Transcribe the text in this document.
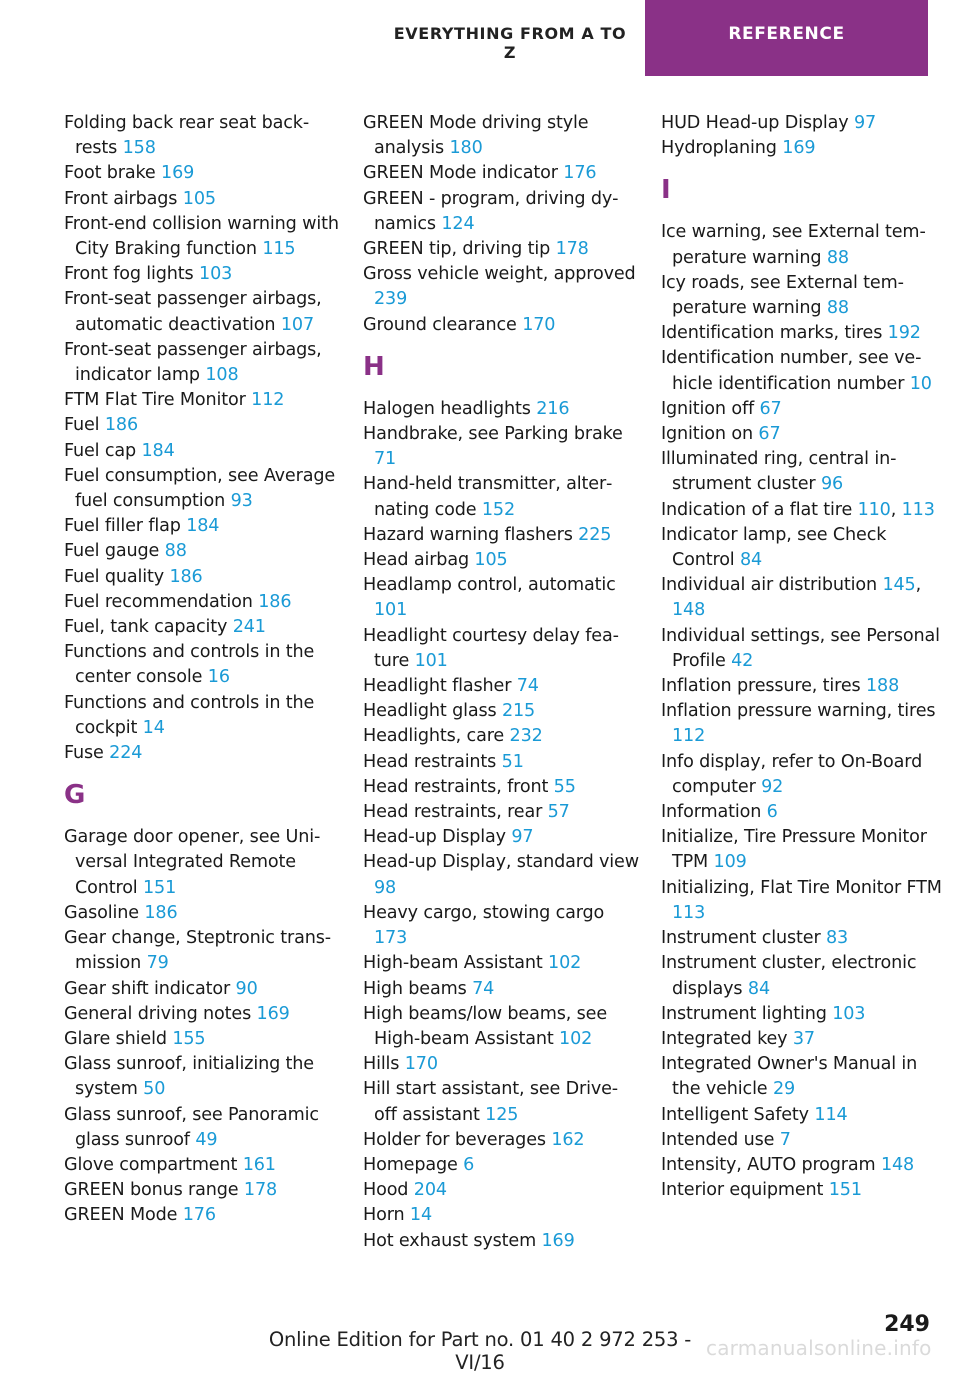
EVERYTHING FROM A TO Z
REFERENCE
Folding back rear seat backrests 158
Foot brake 169
Front airbags 105
Front-end collision warning with City Braking function 115
Front fog lights 103
Front-seat passenger airbags, automatic deactivation 107
Front-seat passenger airbags, indicator lamp 108
FTM Flat Tire Monitor 112
Fuel 186
Fuel cap 184
Fuel consumption, see Average fuel consumption 93
Fuel filler flap 184
Fuel gauge 88
Fuel quality 186
Fuel recommendation 186
Fuel, tank capacity 241
Functions and controls in the center console 16
Functions and controls in the cockpit 14
Fuse 224
G
Garage door opener, see Universal Integrated Remote Control 151
Gasoline 186
Gear change, Steptronic transmission 79
Gear shift indicator 90
General driving notes 169
Glare shield 155
Glass sunroof, initializing the system 50
Glass sunroof, see Panoramic glass sunroof 49
Glove compartment 161
GREEN bonus range 178
GREEN Mode 176
GREEN Mode driving style analysis 180
GREEN Mode indicator 176
GREEN - program, driving dynamics 124
GREEN tip, driving tip 178
Gross vehicle weight, approved 239
Ground clearance 170
H
Halogen headlights 216
Handbrake, see Parking brake 71
Hand-held transmitter, alternating code 152
Hazard warning flashers 225
Head airbag 105
Headlamp control, automatic 101
Headlight courtesy delay feature 101
Headlight flasher 74
Headlight glass 215
Headlights, care 232
Head restraints 51
Head restraints, front 55
Head restraints, rear 57
Head-up Display 97
Head-up Display, standard view 98
Heavy cargo, stowing cargo 173
High-beam Assistant 102
High beams 74
High beams/low beams, see High-beam Assistant 102
Hills 170
Hill start assistant, see Drive-off assistant 125
Holder for beverages 162
Homepage 6
Hood 204
Horn 14
Hot exhaust system 169
HUD Head-up Display 97
Hydroplaning 169
I
Ice warning, see External temperature warning 88
Icy roads, see External temperature warning 88
Identification marks, tires 192
Identification number, see vehicle identification number 10
Ignition off 67
Ignition on 67
Illuminated ring, central instrument cluster 96
Indication of a flat tire 110, 113
Indicator lamp, see Check Control 84
Individual air distribution 145, 148
Individual settings, see Personal Profile 42
Inflation pressure, tires 188
Inflation pressure warning, tires 112
Info display, refer to On-Board computer 92
Information 6
Initialize, Tire Pressure Monitor TPM 109
Initializing, Flat Tire Monitor FTM 113
Instrument cluster 83
Instrument cluster, electronic displays 84
Instrument lighting 103
Integrated key 37
Integrated Owner's Manual in the vehicle 29
Intelligent Safety 114
Intended use 7
Intensity, AUTO program 148
Interior equipment 151
249
Online Edition for Part no. 01 40 2 972 253 - VI/16
carmanualsonline.info
